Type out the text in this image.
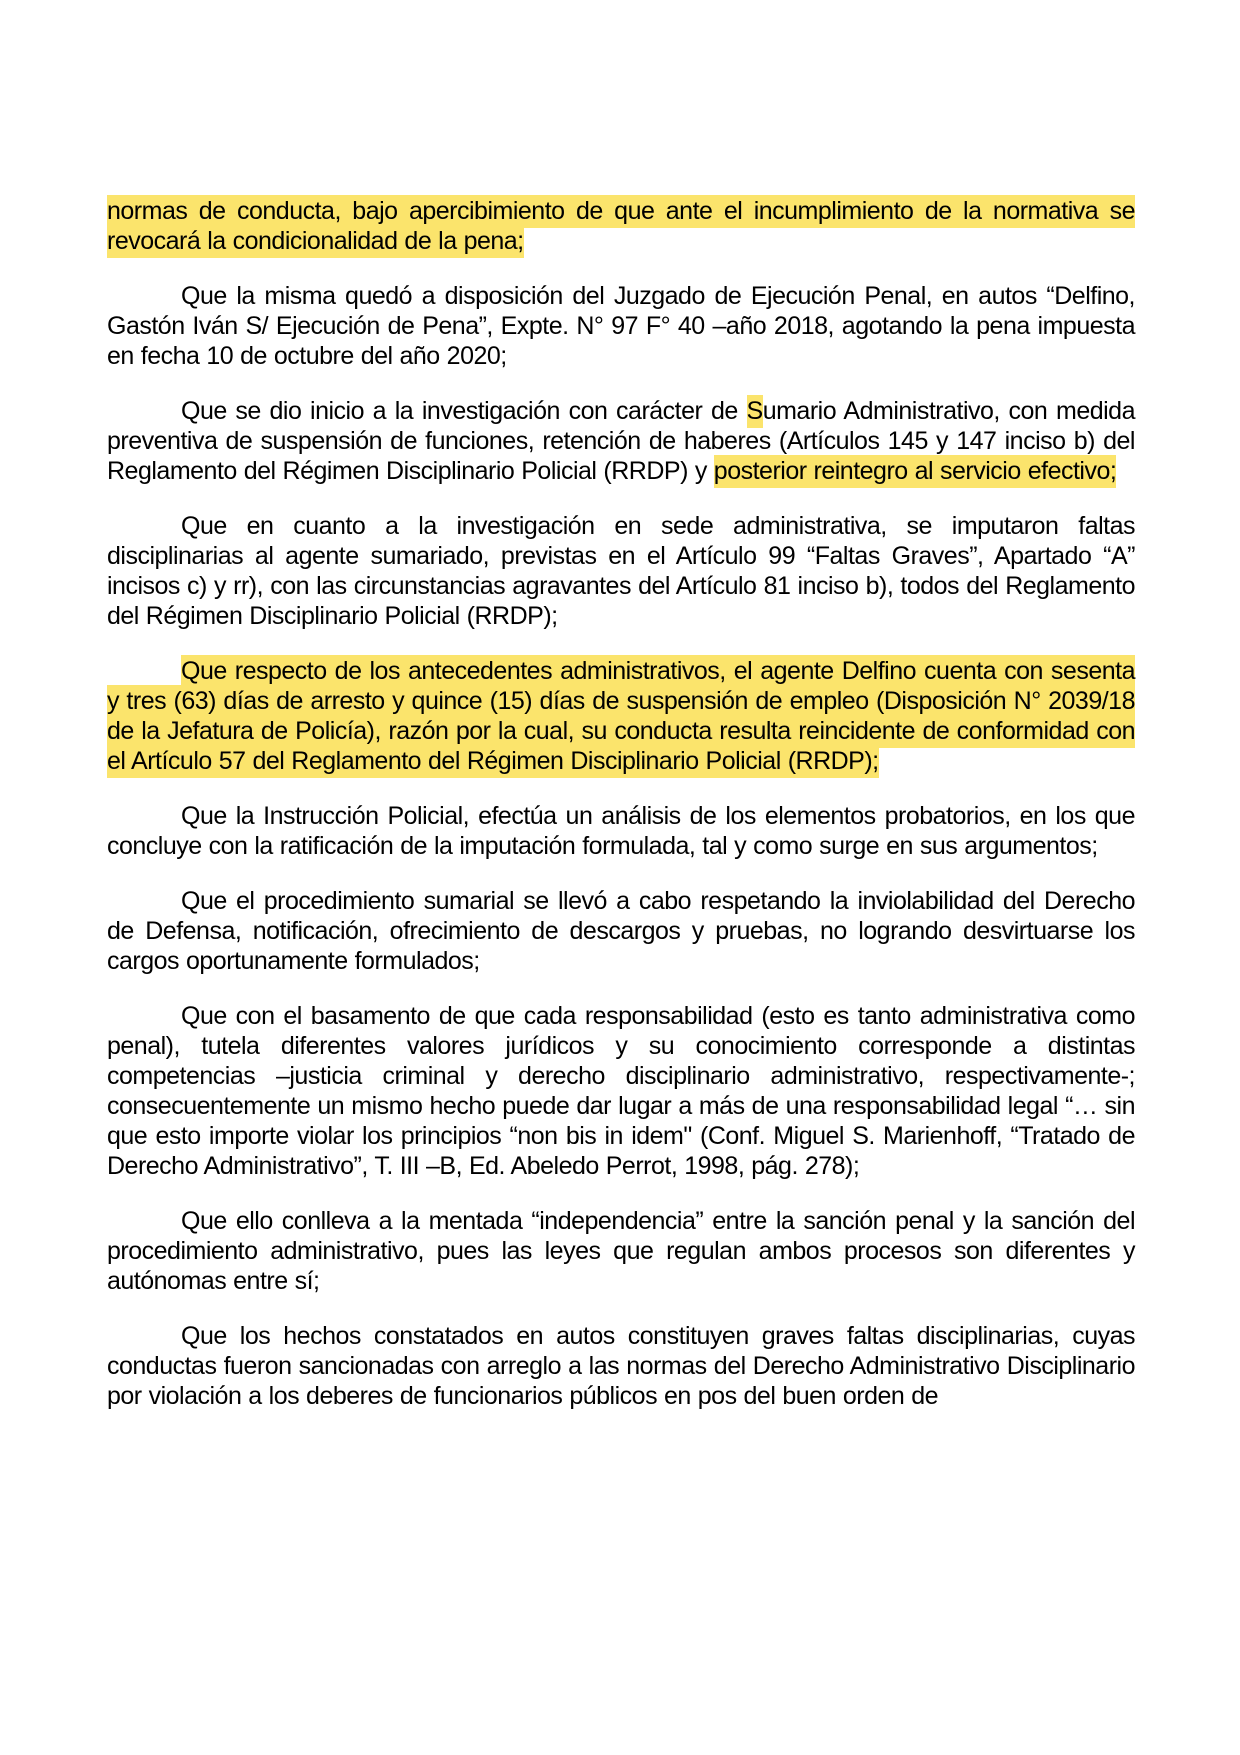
normas de conducta, bajo apercibimiento de que ante el incumplimiento de la normativa se revocará la condicionalidad de la pena;

Que la misma quedó a disposición del Juzgado de Ejecución Penal, en autos “Delfino, Gastón Iván S/ Ejecución de Pena”, Expte. N° 97 F° 40 –año 2018, agotando la pena impuesta en fecha 10 de octubre del año 2020;

Que se dio inicio a la investigación con carácter de Sumario Administrativo, con medida preventiva de suspensión de funciones, retención de haberes (Artículos 145 y 147 inciso b) del Reglamento del Régimen Disciplinario Policial (RRDP) y posterior reintegro al servicio efectivo;

Que en cuanto a la investigación en sede administrativa, se imputaron faltas disciplinarias al agente sumariado, previstas en el Artículo 99 “Faltas Graves”, Apartado “A” incisos c) y rr), con las circunstancias agravantes del Artículo 81 inciso b), todos del Reglamento del Régimen Disciplinario Policial (RRDP);

Que respecto de los antecedentes administrativos, el agente Delfino cuenta con sesenta y tres (63) días de arresto y quince (15) días de suspensión de empleo (Disposición N° 2039/18 de la Jefatura de Policía), razón por la cual, su conducta resulta reincidente de conformidad con el Artículo 57 del Reglamento del Régimen Disciplinario Policial (RRDP);

Que la Instrucción Policial, efectúa un análisis de los elementos probatorios, en los que concluye con la ratificación de la imputación formulada, tal y como surge en sus argumentos;

Que el procedimiento sumarial se llevó a cabo respetando la inviolabilidad del Derecho de Defensa, notificación, ofrecimiento de descargos y pruebas, no logrando desvirtuarse los cargos oportunamente formulados;

Que con el basamento de que cada responsabilidad (esto es tanto administrativa como penal), tutela diferentes valores jurídicos y su conocimiento corresponde a distintas competencias –justicia criminal y derecho disciplinario administrativo, respectivamente-; consecuentemente un mismo hecho puede dar lugar a más de una responsabilidad legal “… sin que esto importe violar los principios “non bis in idem" (Conf. Miguel S. Marienhoff, “Tratado de Derecho Administrativo”, T. III –B, Ed. Abeledo Perrot, 1998, pág. 278);

Que ello conlleva a la mentada “independencia” entre la sanción penal y la sanción del procedimiento administrativo, pues las leyes que regulan ambos procesos son diferentes y autónomas entre sí;

Que los hechos constatados en autos constituyen graves faltas disciplinarias, cuyas conductas fueron sancionadas con arreglo a las normas del Derecho Administrativo Disciplinario por violación a los deberes de funcionarios públicos en pos del buen orden de
